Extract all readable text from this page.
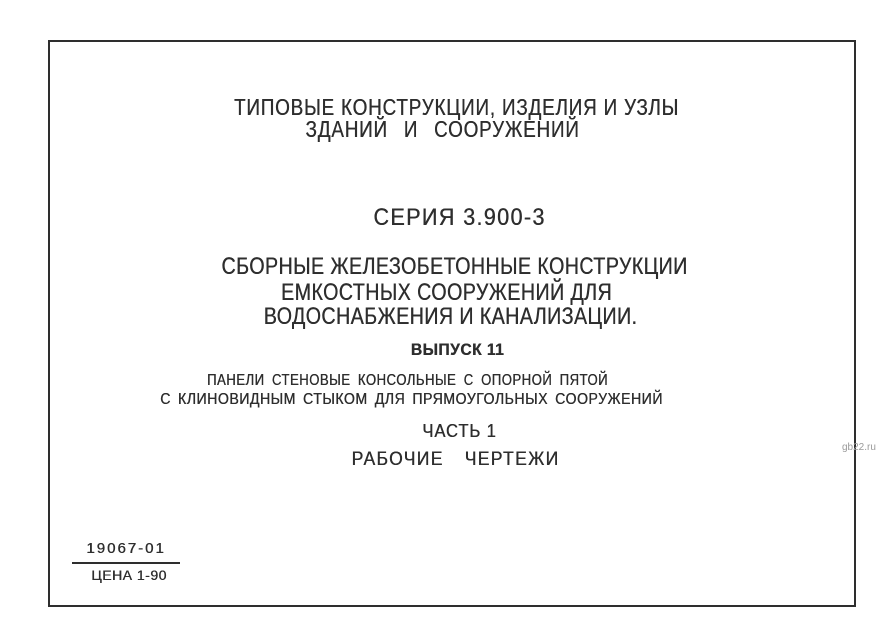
ТИПОВЫЕ КОНСТРУКЦИИ, ИЗДЕЛИЯ И УЗЛЫ
ЗДАНИЙ И СООРУЖЕНИЙ
СЕРИЯ 3.900-3
СБОРНЫЕ ЖЕЛЕЗОБЕТОННЫЕ КОНСТРУКЦИИ
ЕМКОСТНЫХ СООРУЖЕНИЙ ДЛЯ
ВОДОСНАБЖЕНИЯ И КАНАЛИЗАЦИИ.
ВЫПУСК 11
ПАНЕЛИ СТЕНОВЫЕ КОНСОЛЬНЫЕ С ОПОРНОЙ ПЯТОЙ
С КЛИНОВИДНЫМ СТЫКОМ ДЛЯ ПРЯМОУГОЛЬНЫХ СООРУЖЕНИЙ
ЧАСТЬ 1
РАБОЧИЕ ЧЕРТЕЖИ
19067-01
ЦЕНА 1-90
gb22.ru
